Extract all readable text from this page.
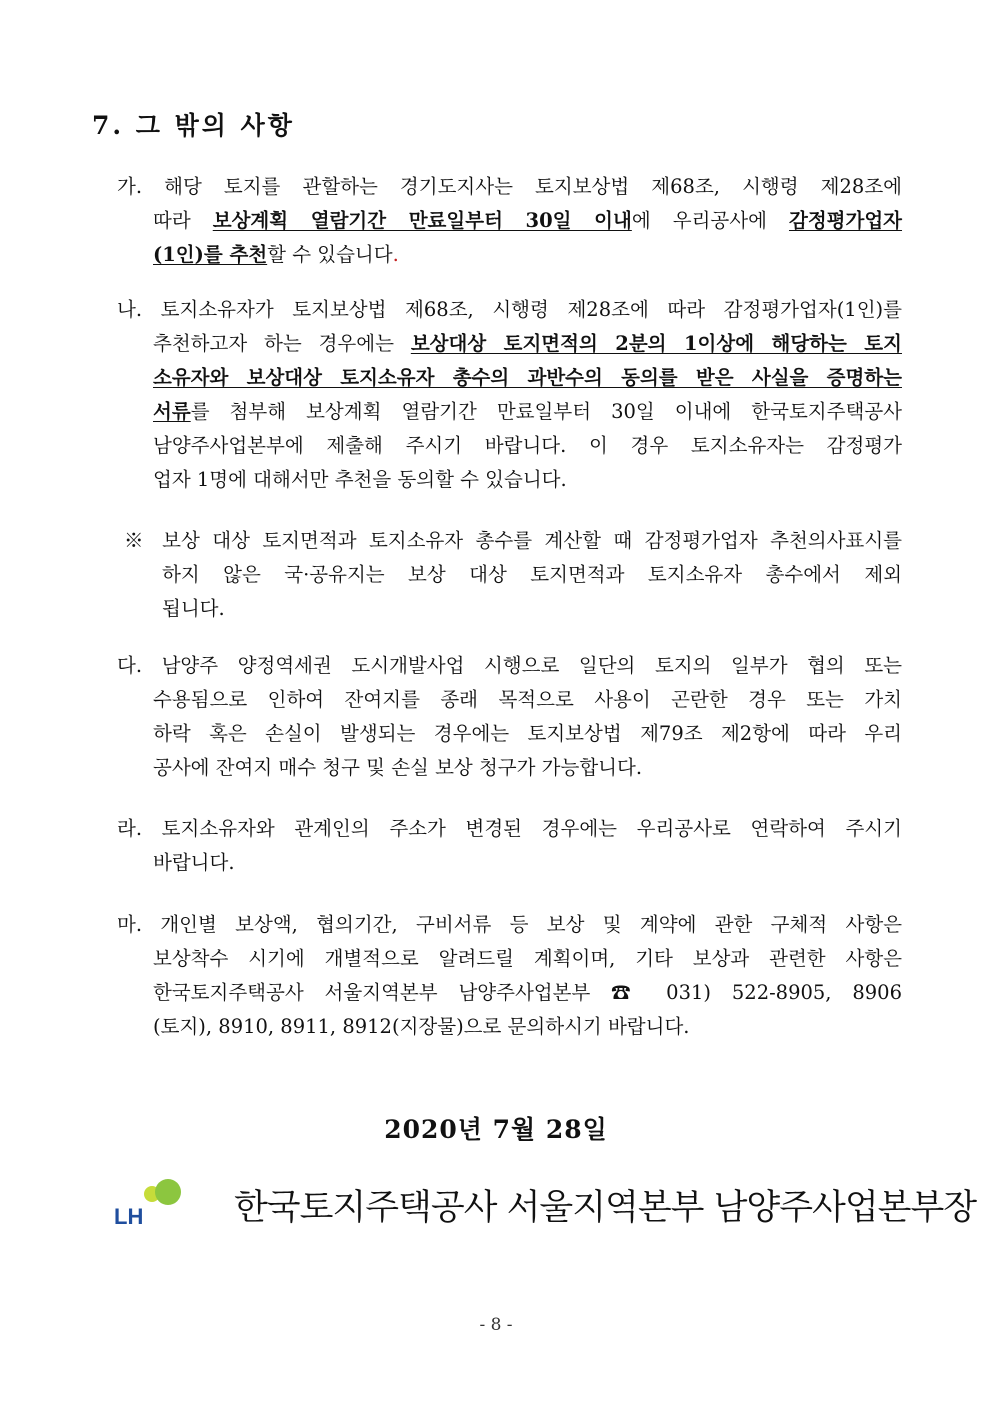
7. 그 밖의 사항
가. 해당 토지를 관할하는 경기도지사는 토지보상법 제68조, 시행령 제28조에
따라 보상계획 열람기간 만료일부터 30일 이내에 우리공사에 감정평가업자
(1인)를 추천할 수 있습니다.
나. 토지소유자가 토지보상법 제68조, 시행령 제28조에 따라 감정평가업자(1인)를
추천하고자 하는 경우에는 보상대상 토지면적의 2분의 1이상에 해당하는 토지
소유자와 보상대상 토지소유자 총수의 과반수의 동의를 받은 사실을 증명하는
서류를 첨부해 보상계획 열람기간 만료일부터 30일 이내에 한국토지주택공사
남양주사업본부에 제출해 주시기 바랍니다. 이 경우 토지소유자는 감정평가
업자 1명에 대해서만 추천을 동의할 수 있습니다.
※ 보상 대상 토지면적과 토지소유자 총수를 계산할 때 감정평가업자 추천의사표시를
하지 않은 국·공유지는 보상 대상 토지면적과 토지소유자 총수에서 제외
됩니다.
다. 남양주 양정역세권 도시개발사업 시행으로 일단의 토지의 일부가 협의 또는
수용됨으로 인하여 잔여지를 종래 목적으로 사용이 곤란한 경우 또는 가치
하락 혹은 손실이 발생되는 경우에는 토지보상법 제79조 제2항에 따라 우리
공사에 잔여지 매수 청구 및 손실 보상 청구가 가능합니다.
라. 토지소유자와 관계인의 주소가 변경된 경우에는 우리공사로 연락하여 주시기
바랍니다.
마. 개인별 보상액, 협의기간, 구비서류 등 보상 및 계약에 관한 구체적 사항은
보상착수 시기에 개별적으로 알려드릴 계획이며, 기타 보상과 관련한 사항은
한국토지주택공사 서울지역본부 남양주사업본부 ☎ 031) 522-8905, 8906
(토지), 8910, 8911, 8912(지장물)으로 문의하시기 바랍니다.
2020년 7월 28일
LH	한국토지주택공사 서울지역본부 남양주사업본부장
- 8 -
